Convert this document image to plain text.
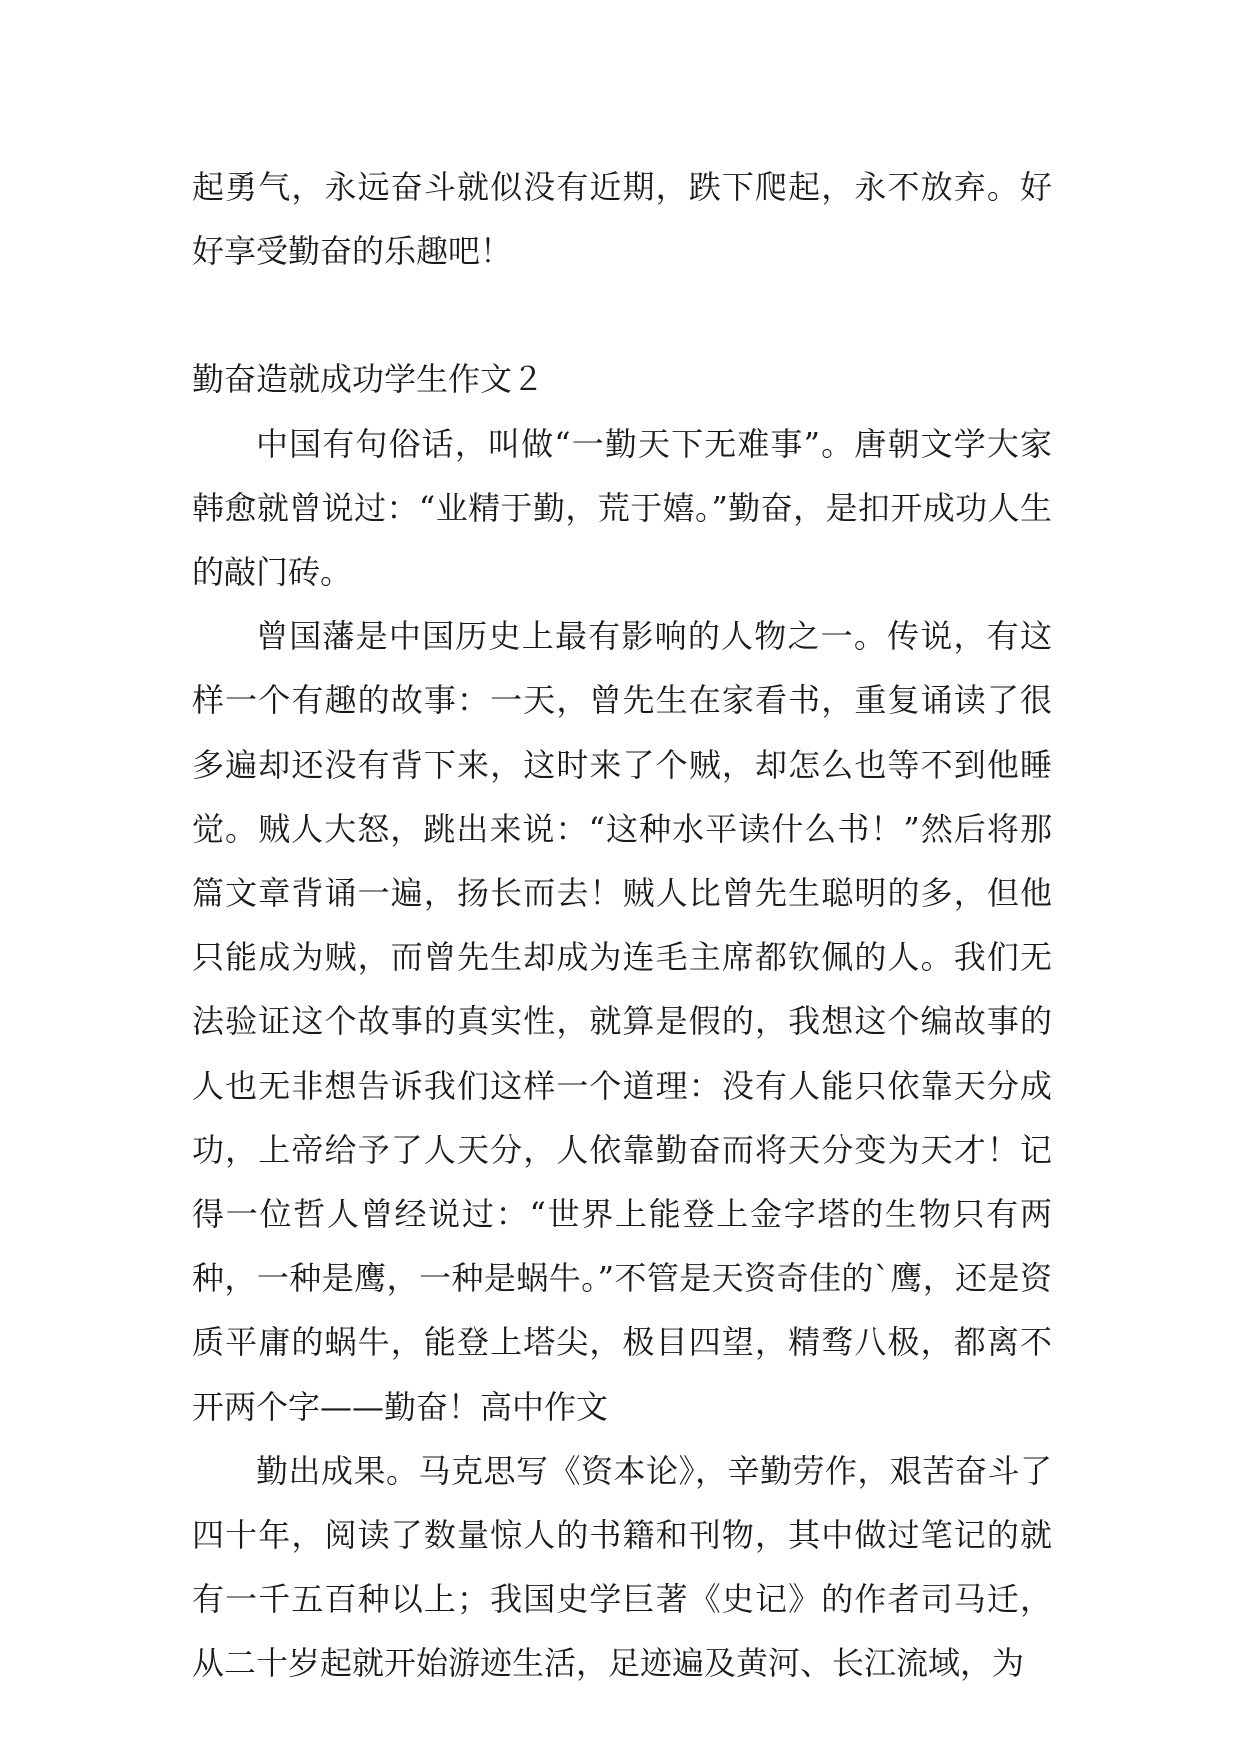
起勇气，永远奋斗就似没有近期，跌下爬起，永不放弃。好好享受勤奋的乐趣吧！

勤奋造就成功学生作文２

中国有句俗话，叫做“一勤天下无难事”。唐朝文学大家韩愈就曾说过：“业精于勤，荒于嬉。”勤奋，是扣开成功人生的敲门砖。

曾国藩是中国历史上最有影响的人物之一。传说，有这样一个有趣的故事：一天，曾先生在家看书，重复诵读了很多遍却还没有背下来，这时来了个贼，却怎么也等不到他睡觉。贼人大怒，跳出来说：“这种水平读什么书！”然后将那篇文章背诵一遍，扬长而去！贼人比曾先生聪明的多，但他只能成为贼，而曾先生却成为连毛主席都钦佩的人。我们无法验证这个故事的真实性，就算是假的，我想这个编故事的人也无非想告诉我们这样一个道理：没有人能只依靠天分成功，上帝给予了人天分，人依靠勤奋而将天分变为天才！记得一位哲人曾经说过：“世界上能登上金字塔的生物只有两种，一种是鹰，一种是蜗牛。”不管是天资奇佳的`鹰，还是资质平庸的蜗牛，能登上塔尖，极目四望，精骛八极，都离不开两个字——勤奋！高中作文

勤出成果。马克思写《资本论》，辛勤劳作，艰苦奋斗了四十年，阅读了数量惊人的书籍和刊物，其中做过笔记的就有一千五百种以上；我国史学巨著《史记》的作者司马迁，从二十岁起就开始游迹生活，足迹遍及黄河、长江流域，为
